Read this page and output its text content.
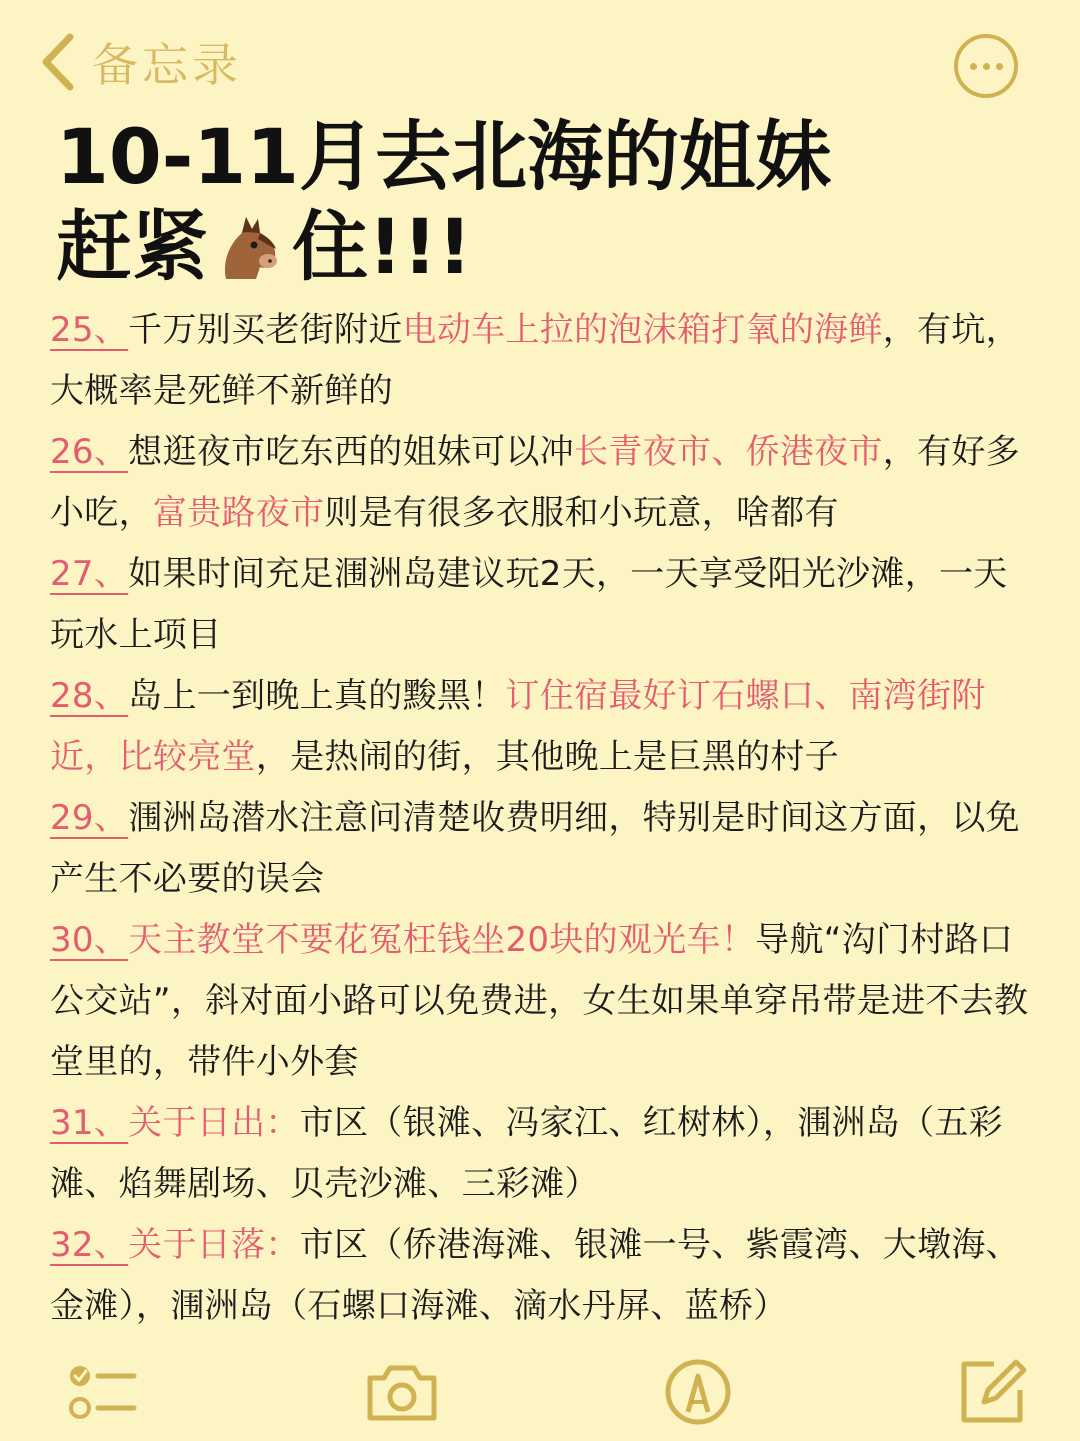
备忘录
10-11月去北海的姐妹
赶紧 住!!!
25、千万别买老街附近电动车上拉的泡沫箱打氧的海鲜，有坑，大概率是死鲜不新鲜的
26、想逛夜市吃东西的姐妹可以冲长青夜市、侨港夜市，有好多小吃，富贵路夜市则是有很多衣服和小玩意，啥都有
27、如果时间充足涠洲岛建议玩2天，一天享受阳光沙滩，一天玩水上项目
28、岛上一到晚上真的黢黑！订住宿最好订石螺口、南湾街附近，比较亮堂，是热闹的街，其他晚上是巨黑的村子
29、涠洲岛潜水注意问清楚收费明细，特别是时间这方面，以免产生不必要的误会
30、天主教堂不要花冤枉钱坐20块的观光车！导航“沟门村路口公交站”，斜对面小路可以免费进，女生如果单穿吊带是进不去教堂里的，带件小外套
31、关于日出：市区（银滩、冯家江、红树林），涠洲岛（五彩滩、焰舞剧场、贝壳沙滩、三彩滩）
32、关于日落：市区（侨港海滩、银滩一号、紫霞湾、大墩海、金滩），涠洲岛（石螺口海滩、滴水丹屏、蓝桥）
